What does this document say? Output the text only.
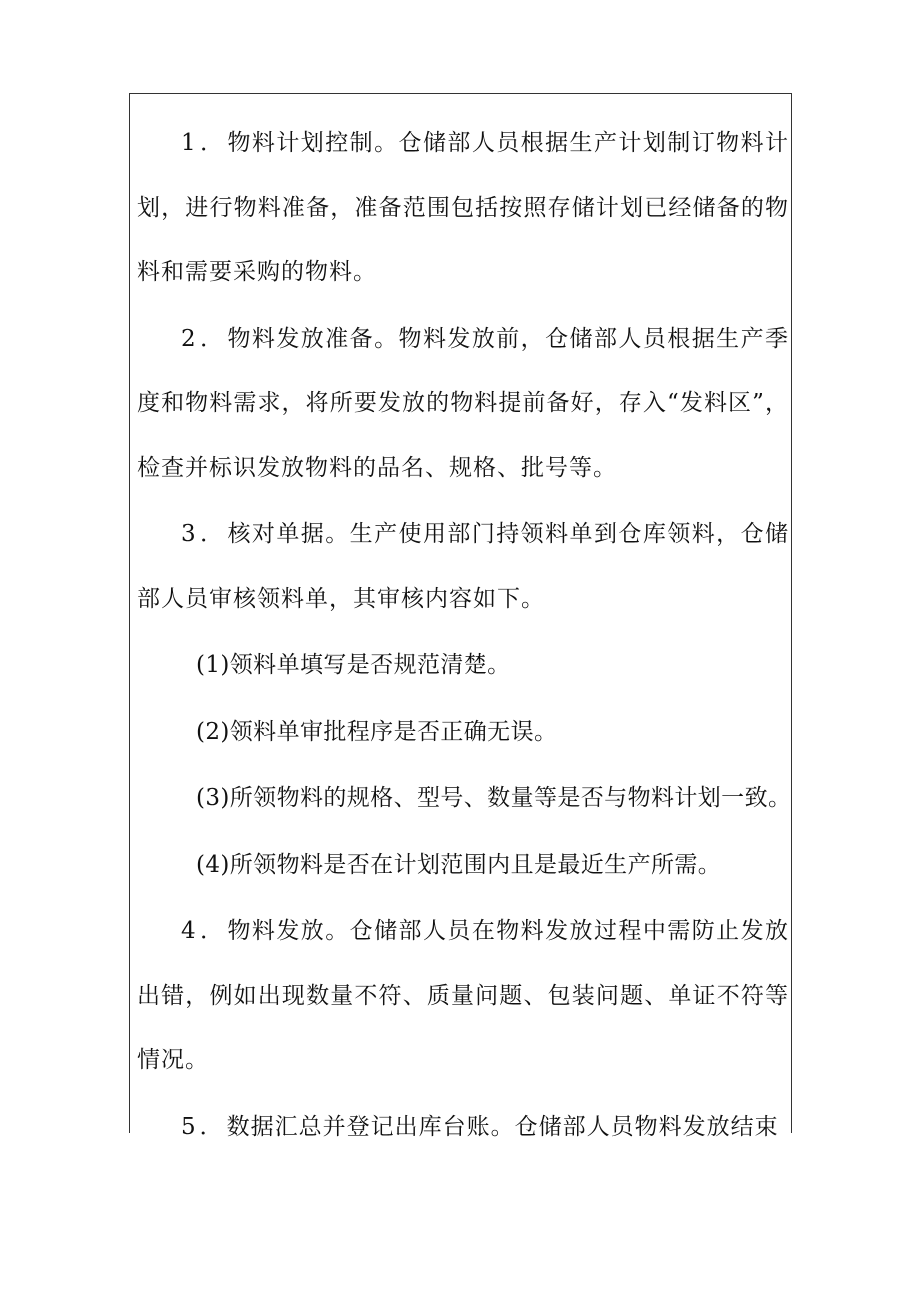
1．物料计划控制。仓储部人员根据生产计划制订物料计划，进行物料准备，准备范围包括按照存储计划已经储备的物料和需要采购的物料。

2．物料发放准备。物料发放前，仓储部人员根据生产季度和物料需求，将所要发放的物料提前备好，存入“发料区”，检查并标识发放物料的品名、规格、批号等。

3．核对单据。生产使用部门持领料单到仓库领料，仓储部人员审核领料单，其审核内容如下。

(1)领料单填写是否规范清楚。

(2)领料单审批程序是否正确无误。

(3)所领物料的规格、型号、数量等是否与物料计划一致。

(4)所领物料是否在计划范围内且是最近生产所需。

4．物料发放。仓储部人员在物料发放过程中需防止发放出错，例如出现数量不符、质量问题、包装问题、单证不符等情况。

5．数据汇总并登记出库台账。仓储部人员物料发放结束
